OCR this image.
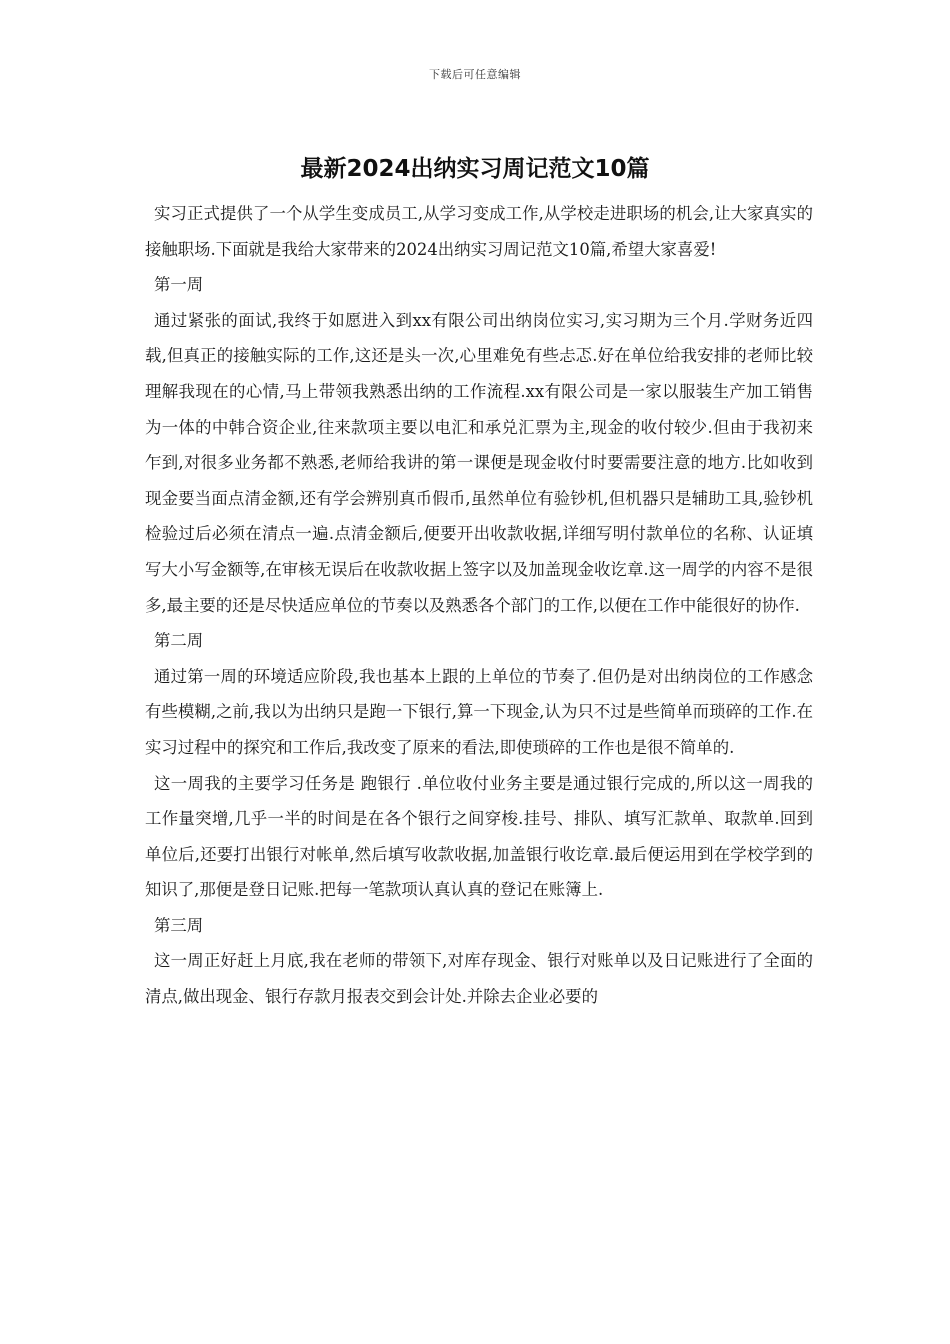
下载后可任意编辑
最新2024出纳实习周记范文10篇

实习正式提供了一个从学生变成员工,从学习变成工作,从学校走进职场的机会,让大家真实的接触职场.下面就是我给大家带来的2024出纳实习周记范文10篇,希望大家喜爱!

第一周

通过紧张的面试,我终于如愿进入到xx有限公司出纳岗位实习,实习期为三个月.学财务近四载,但真正的接触实际的工作,这还是头一次,心里难免有些忐忑.好在单位给我安排的老师比较理解我现在的心情,马上带领我熟悉出纳的工作流程.xx有限公司是一家以服装生产加工销售为一体的中韩合资企业,往来款项主要以电汇和承兑汇票为主,现金的收付较少.但由于我初来乍到,对很多业务都不熟悉,老师给我讲的第一课便是现金收付时要需要注意的地方.比如收到现金要当面点清金额,还有学会辨别真币假币,虽然单位有验钞机,但机器只是辅助工具,验钞机检验过后必须在清点一遍.点清金额后,便要开出收款收据,详细写明付款单位的名称、认证填写大小写金额等,在审核无误后在收款收据上签字以及加盖现金收讫章.这一周学的内容不是很多,最主要的还是尽快适应单位的节奏以及熟悉各个部门的工作,以便在工作中能很好的协作.

第二周

通过第一周的环境适应阶段,我也基本上跟的上单位的节奏了.但仍是对出纳岗位的工作感念有些模糊,之前,我以为出纳只是跑一下银行,算一下现金,认为只不过是些简单而琐碎的工作.在实习过程中的探究和工作后,我改变了原来的看法,即使琐碎的工作也是很不简单的.

这一周我的主要学习任务是 跑银行 .单位收付业务主要是通过银行完成的,所以这一周我的工作量突增,几乎一半的时间是在各个银行之间穿梭.挂号、排队、填写汇款单、取款单.回到单位后,还要打出银行对帐单,然后填写收款收据,加盖银行收讫章.最后便运用到在学校学到的知识了,那便是登日记账.把每一笔款项认真认真的登记在账簿上.

第三周

这一周正好赶上月底,我在老师的带领下,对库存现金、银行对账单以及日记账进行了全面的清点,做出现金、银行存款月报表交到会计处.并除去企业必要的
